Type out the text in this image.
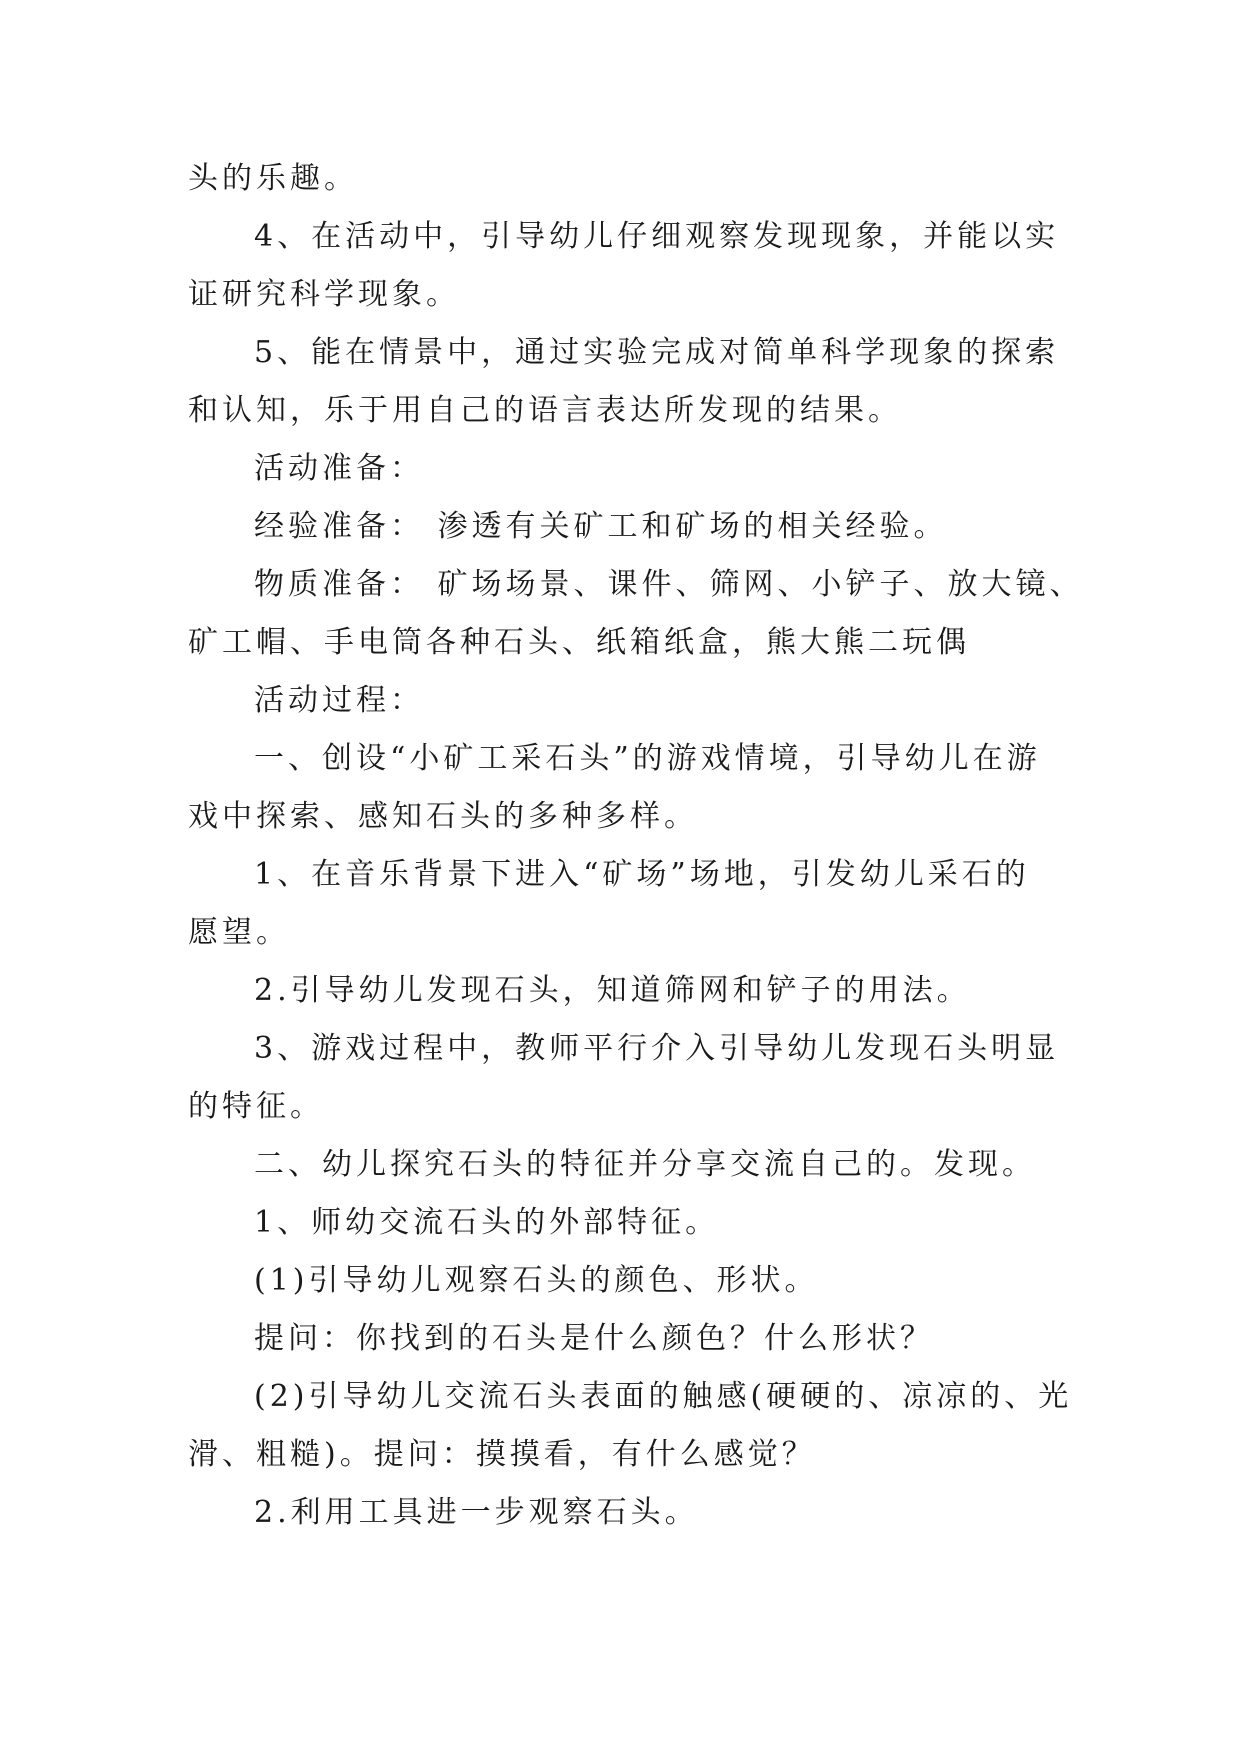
头的乐趣。
4、在活动中，引导幼儿仔细观察发现现象，并能以实
证研究科学现象。
5、能在情景中，通过实验完成对简单科学现象的探索
和认知，乐于用自己的语言表达所发现的结果。
活动准备：
经验准备： 渗透有关矿工和矿场的相关经验。
物质准备： 矿场场景、课件、筛网、小铲子、放大镜、
矿工帽、手电筒各种石头、纸箱纸盒，熊大熊二玩偶
活动过程：
一、创设“小矿工采石头”的游戏情境，引导幼儿在游
戏中探索、感知石头的多种多样。
1、在音乐背景下进入“矿场”场地，引发幼儿采石的
愿望。
2.引导幼儿发现石头，知道筛网和铲子的用法。
3、游戏过程中，教师平行介入引导幼儿发现石头明显
的特征。
二、幼儿探究石头的特征并分享交流自己的。发现。
1、师幼交流石头的外部特征。
(1)引导幼儿观察石头的颜色、形状。
提问：你找到的石头是什么颜色？什么形状？
(2)引导幼儿交流石头表面的触感(硬硬的、凉凉的、光
滑、粗糙)。提问：摸摸看，有什么感觉？
2.利用工具进一步观察石头。
